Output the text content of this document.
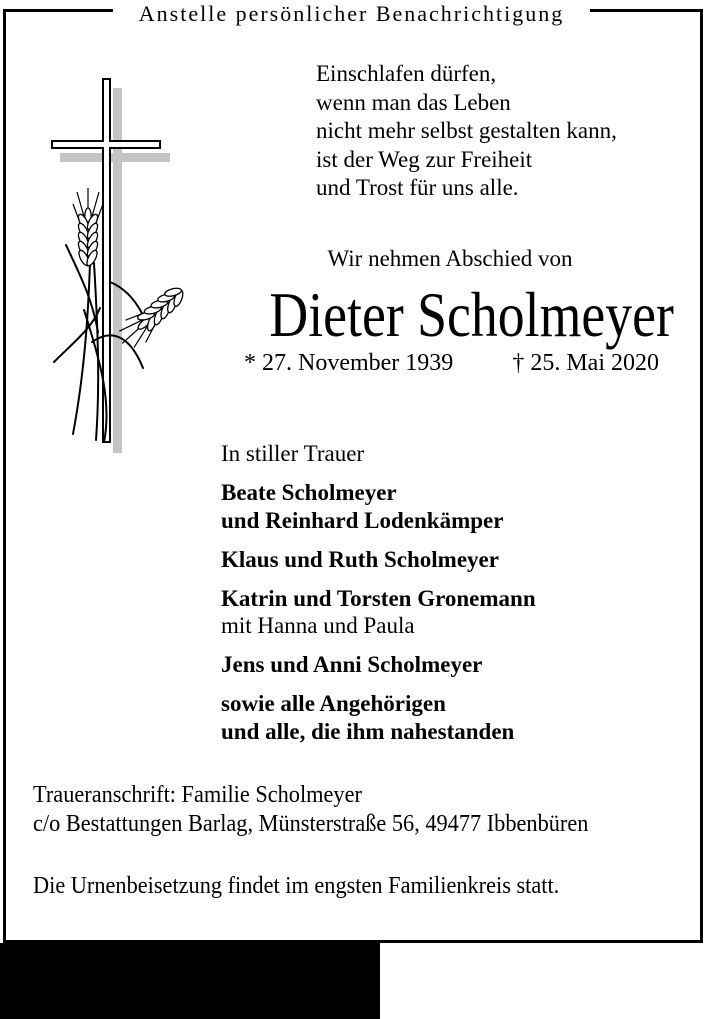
Anstelle persönlicher Benachrichtigung
Einschlafen dürfen,
wenn man das Leben
nicht mehr selbst gestalten kann,
ist der Weg zur Freiheit
und Trost für uns alle.
Wir nehmen Abschied von
Dieter Scholmeyer
* 27. November 1939 † 25. Mai 2020
In stiller Trauer
Beate Scholmeyer
und Reinhard Lodenkämper
Klaus und Ruth Scholmeyer
Katrin und Torsten Gronemann
mit Hanna und Paula
Jens und Anni Scholmeyer
sowie alle Angehörigen
und alle, die ihm nahestanden
Traueranschrift: Familie Scholmeyer
c/o Bestattungen Barlag, Münsterstraße 56, 49477 Ibbenbüren
Die Urnenbeisetzung findet im engsten Familienkreis statt.
